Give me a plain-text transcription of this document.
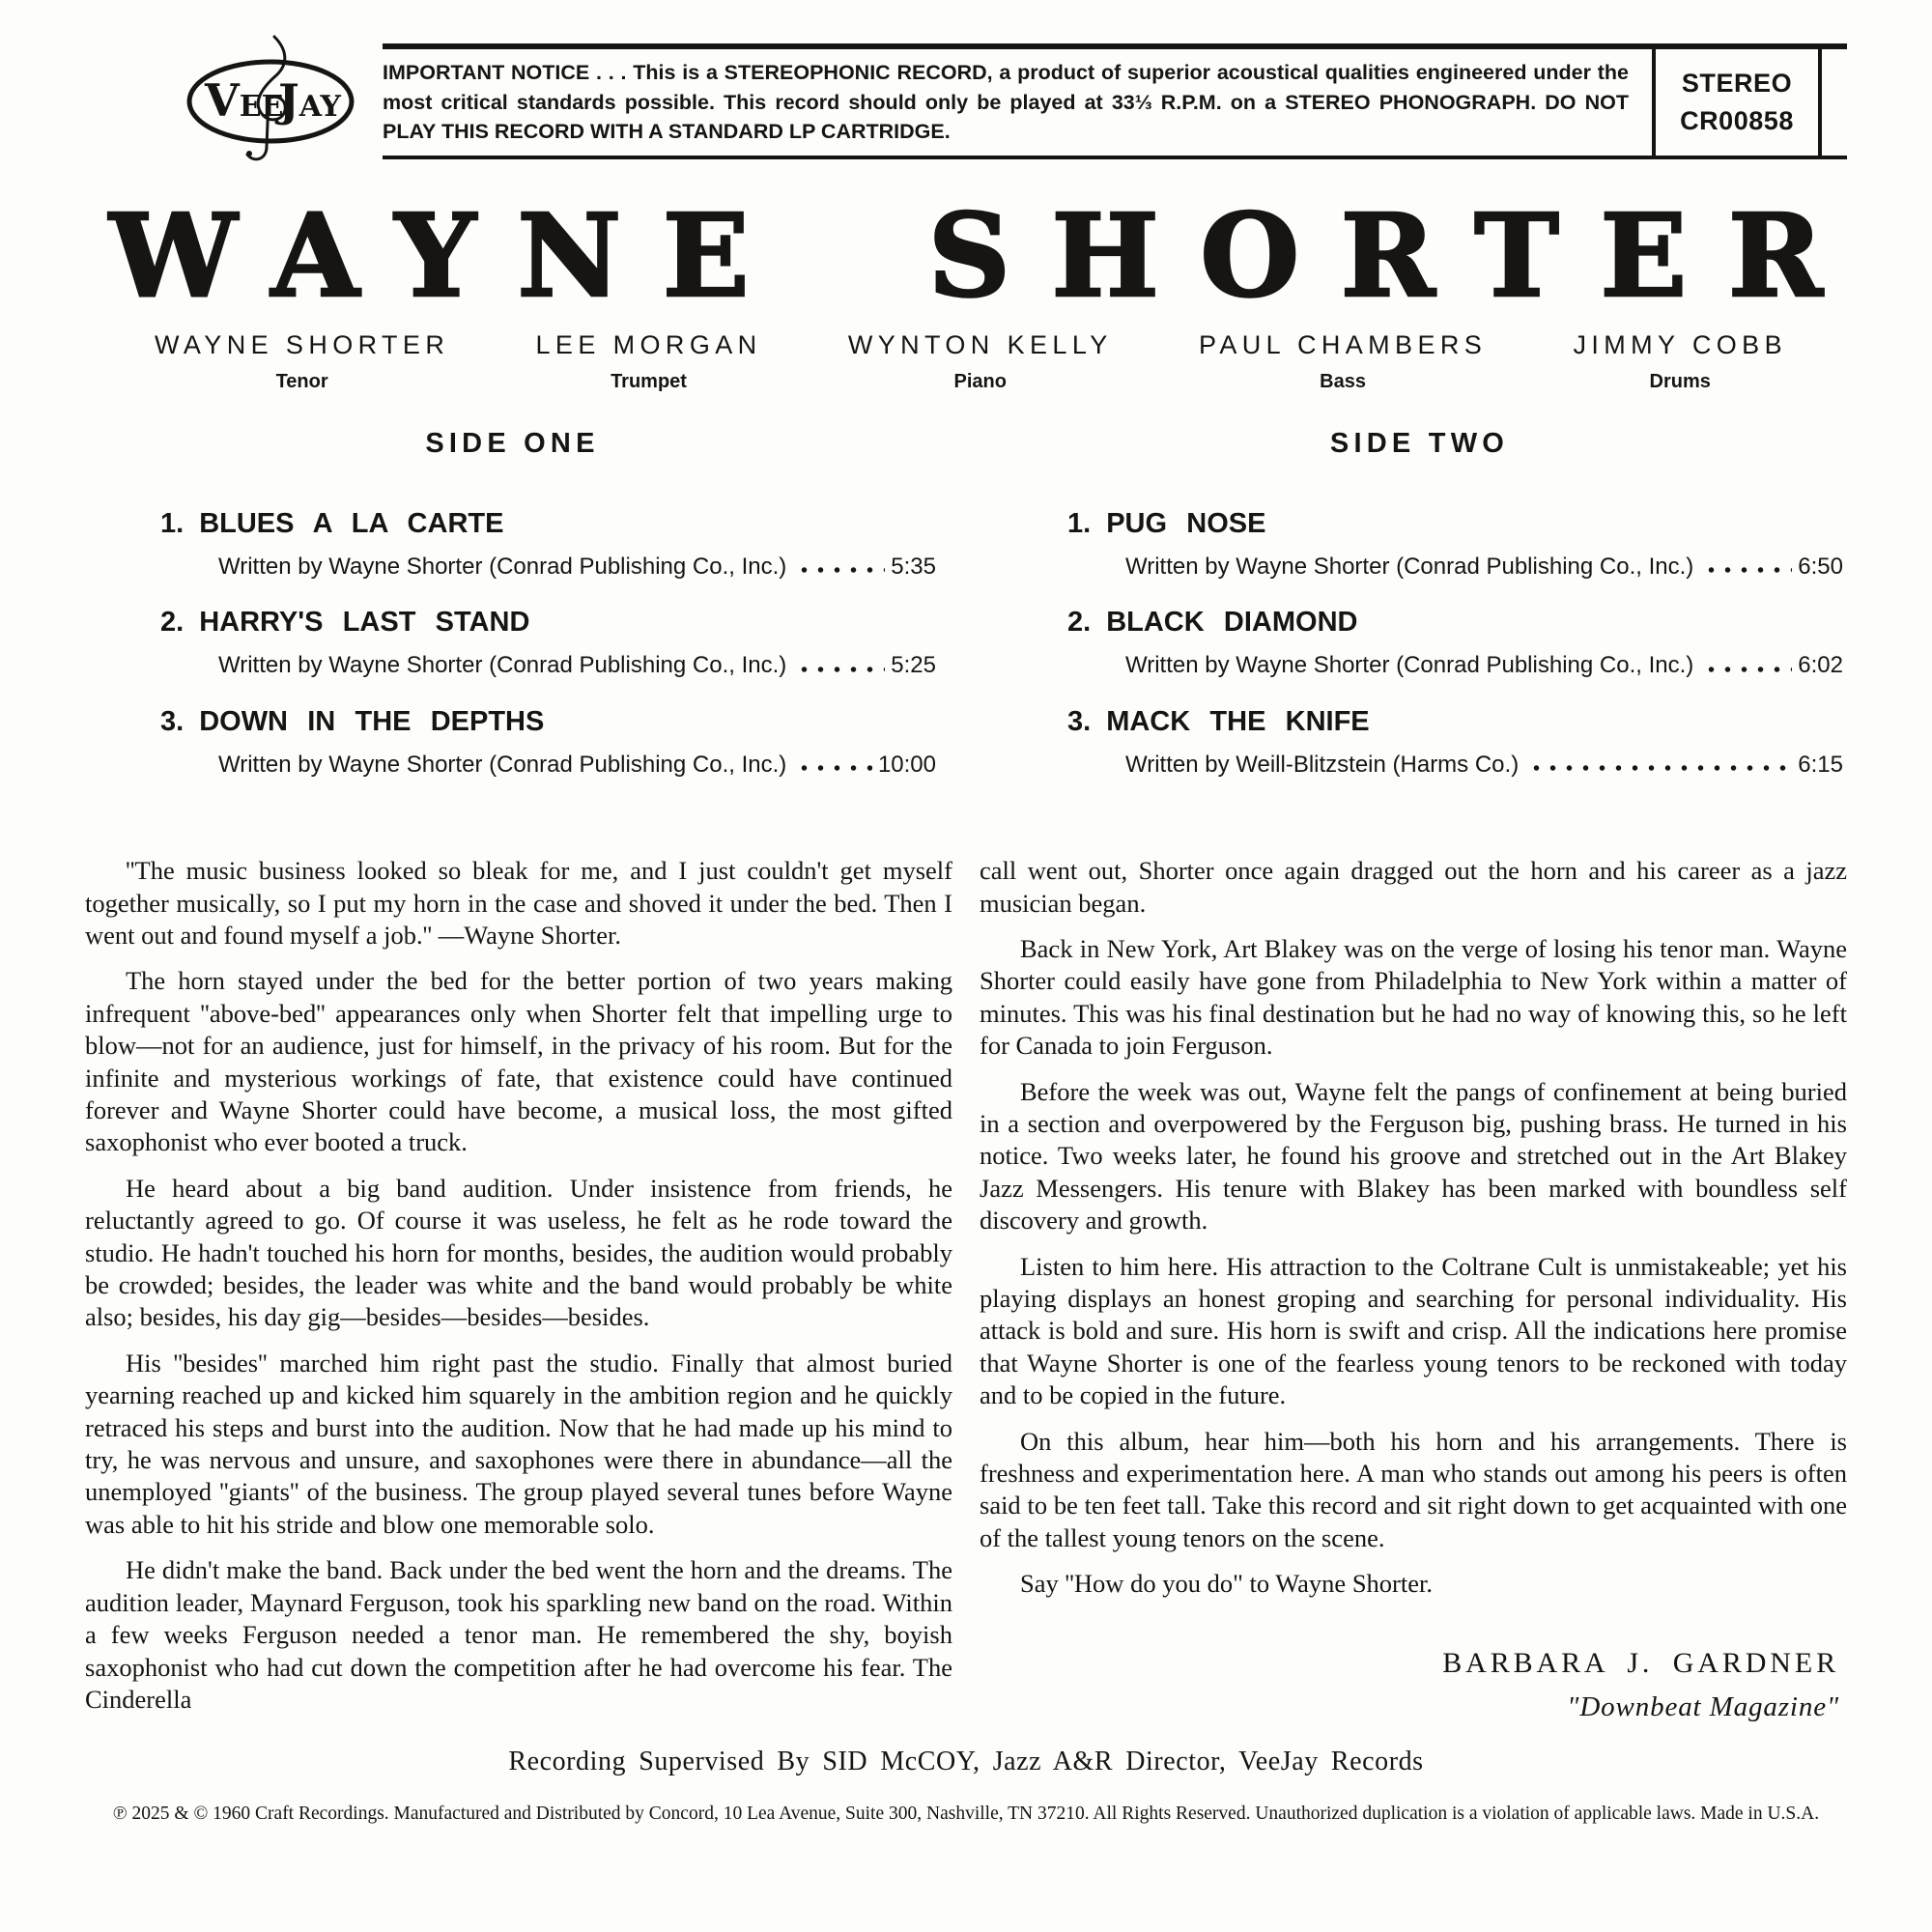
VEE
JAY
IMPORTANT NOTICE . . . This is a STEREOPHONIC RECORD, a product of superior acoustical qualities engineered under the most critical standards possible. This record should only be played at 33⅓ R.P.M. on a STEREO PHONOGRAPH. DO NOT PLAY THIS RECORD WITH A STANDARD LP CARTRIDGE.
STEREO
CR00858
WAYNE SHORTER
WAYNE SHORTER
Tenor
LEE MORGAN
Trumpet
WYNTON KELLY
Piano
PAUL CHAMBERS
Bass
JIMMY COBB
Drums
SIDE ONE
1. BLUES A LA CARTE
Written by Wayne Shorter (Conrad Publishing Co., Inc.)	5:35
2. HARRY'S LAST STAND
Written by Wayne Shorter (Conrad Publishing Co., Inc.)	5:25
3. DOWN IN THE DEPTHS
Written by Wayne Shorter (Conrad Publishing Co., Inc.)	10:00
SIDE TWO
1. PUG NOSE
Written by Wayne Shorter (Conrad Publishing Co., Inc.)	6:50
2. BLACK DIAMOND
Written by Wayne Shorter (Conrad Publishing Co., Inc.)	6:02
3. MACK THE KNIFE
Written by Weill-Blitzstein (Harms Co.)	6:15

''The music business looked so bleak for me, and I just couldn't get myself together musically, so I put my horn in the case and shoved it under the bed. Then I went out and found myself a job.'' —Wayne Shorter.

The horn stayed under the bed for the better portion of two years making infrequent ''above-bed'' appearances only when Shorter felt that impelling urge to blow—not for an audience, just for himself, in the privacy of his room. But for the infinite and mysterious workings of fate, that existence could have continued forever and Wayne Shorter could have become, a musical loss, the most gifted saxophonist who ever booted a truck.

He heard about a big band audition. Under insistence from friends, he reluctantly agreed to go. Of course it was useless, he felt as he rode toward the studio. He hadn't touched his horn for months, besides, the audition would probably be crowded; besides, the leader was white and the band would probably be white also; besides, his day gig—besides—besides—besides.

His ''besides'' marched him right past the studio. Finally that almost buried yearning reached up and kicked him squarely in the ambition region and he quickly retraced his steps and burst into the audition. Now that he had made up his mind to try, he was nervous and unsure, and saxophones were there in abundance—all the unemployed ''giants'' of the business. The group played several tunes before Wayne was able to hit his stride and blow one memorable solo.

He didn't make the band. Back under the bed went the horn and the dreams. The audition leader, Maynard Ferguson, took his sparkling new band on the road. Within a few weeks Ferguson needed a tenor man. He remembered the shy, boyish saxophonist who had cut down the competition after he had overcome his fear. The Cinderella

call went out, Shorter once again dragged out the horn and his career as a jazz musician began.

Back in New York, Art Blakey was on the verge of losing his tenor man. Wayne Shorter could easily have gone from Philadelphia to New York within a matter of minutes. This was his final destination but he had no way of knowing this, so he left for Canada to join Ferguson.

Before the week was out, Wayne felt the pangs of confinement at being buried in a section and overpowered by the Ferguson big, pushing brass. He turned in his notice. Two weeks later, he found his groove and stretched out in the Art Blakey Jazz Messengers. His tenure with Blakey has been marked with boundless self discovery and growth.

Listen to him here. His attraction to the Coltrane Cult is unmistakeable; yet his playing displays an honest groping and searching for personal individuality. His attack is bold and sure. His horn is swift and crisp. All the indications here promise that Wayne Shorter is one of the fearless young tenors to be reckoned with today and to be copied in the future.

On this album, hear him—both his horn and his arrangements. There is freshness and experimentation here. A man who stands out among his peers is often said to be ten feet tall. Take this record and sit right down to get acquainted with one of the tallest young tenors on the scene.

Say ''How do you do" to Wayne Shorter.

BARBARA J. GARDNER
"Downbeat Magazine"
Recording Supervised By SID McCOY, Jazz A&R Director, VeeJay Records
℗ 2025 & © 1960 Craft Recordings. Manufactured and Distributed by Concord, 10 Lea Avenue, Suite 300, Nashville, TN 37210. All Rights Reserved. Unauthorized duplication is a violation of applicable laws. Made in U.S.A.
